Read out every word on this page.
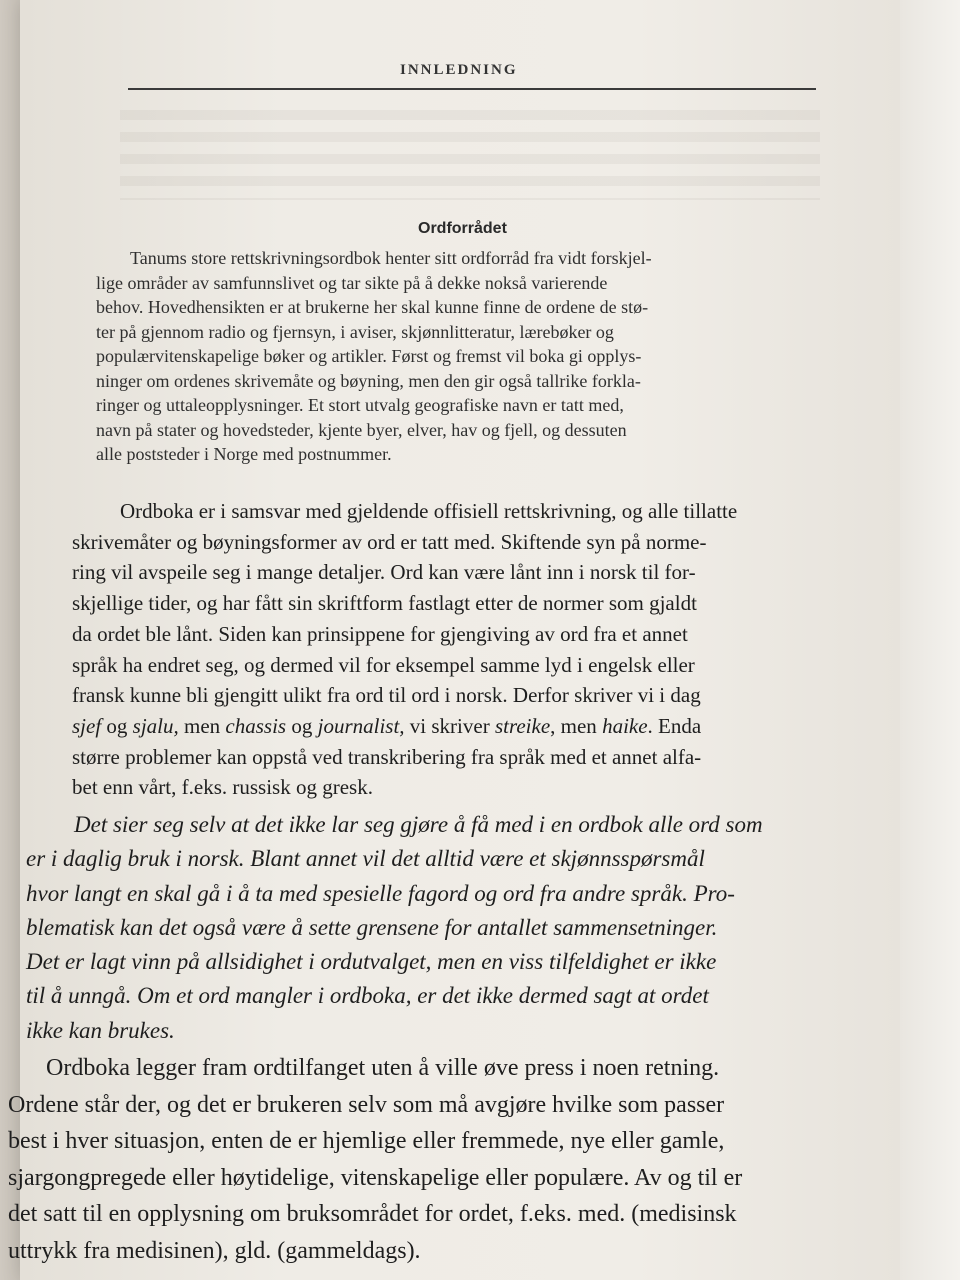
INNLEDNING
Ordforrådet
Tanums store rettskrivningsordbok henter sitt ordforråd fra vidt forskjel-
lige områder av samfunnslivet og tar sikte på å dekke nokså varierende
behov. Hovedhensikten er at brukerne her skal kunne finne de ordene de stø-
ter på gjennom radio og fjernsyn, i aviser, skjønnlitteratur, lærebøker og
populærvitenskapelige bøker og artikler. Først og fremst vil boka gi opplys-
ninger om ordenes skrivemåte og bøyning, men den gir også tallrike forkla-
ringer og uttaleopplysninger. Et stort utvalg geografiske navn er tatt med,
navn på stater og hovedsteder, kjente byer, elver, hav og fjell, og dessuten
alle poststeder i Norge med postnummer.
Ordboka er i samsvar med gjeldende offisiell rettskrivning, og alle tillatte
skrivemåter og bøyningsformer av ord er tatt med. Skiftende syn på norme-
ring vil avspeile seg i mange detaljer. Ord kan være lånt inn i norsk til for-
skjellige tider, og har fått sin skriftform fastlagt etter de normer som gjaldt
da ordet ble lånt. Siden kan prinsippene for gjengiving av ord fra et annet
språk ha endret seg, og dermed vil for eksempel samme lyd i engelsk eller
fransk kunne bli gjengitt ulikt fra ord til ord i norsk. Derfor skriver vi i dag
sjef og sjalu, men chassis og journalist, vi skriver streike, men haike. Enda
større problemer kan oppstå ved transkribering fra språk med et annet alfa-
bet enn vårt, f.eks. russisk og gresk.
Det sier seg selv at det ikke lar seg gjøre å få med i en ordbok alle ord som
er i daglig bruk i norsk. Blant annet vil det alltid være et skjønnsspørsmål
hvor langt en skal gå i å ta med spesielle fagord og ord fra andre språk. Pro-
blematisk kan det også være å sette grensene for antallet sammensetninger.
Det er lagt vinn på allsidighet i ordutvalget, men en viss tilfeldighet er ikke
til å unngå. Om et ord mangler i ordboka, er det ikke dermed sagt at ordet
ikke kan brukes.
Ordboka legger fram ordtilfanget uten å ville øve press i noen retning.
Ordene står der, og det er brukeren selv som må avgjøre hvilke som passer
best i hver situasjon, enten de er hjemlige eller fremmede, nye eller gamle,
sjargongpregede eller høytidelige, vitenskapelige eller populære. Av og til er
det satt til en opplysning om bruksområdet for ordet, f.eks. med. (medisinsk
uttrykk fra medisinen), gld. (gammeldags).
